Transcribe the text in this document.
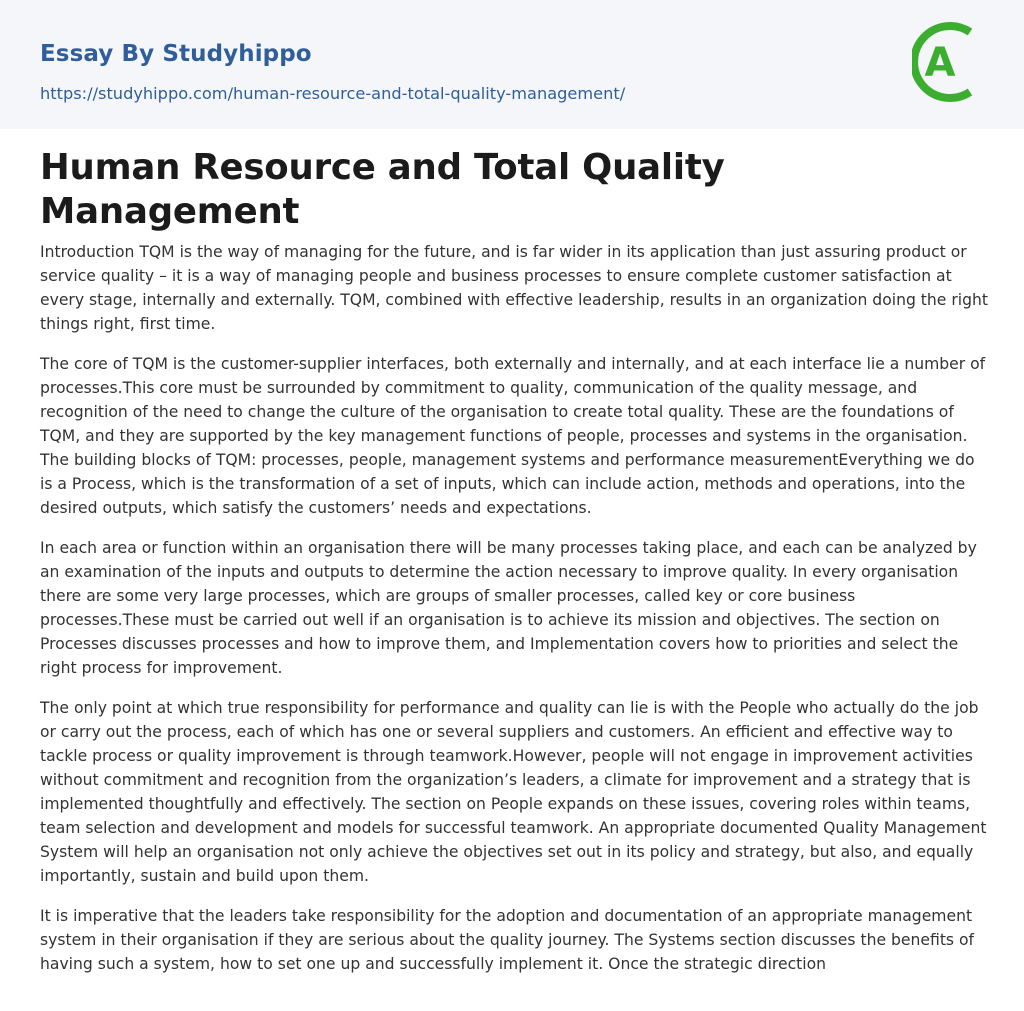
Essay By Studyhippo
https://studyhippo.com/human-resource-and-total-quality-management/
A
Human Resource and Total Quality Management

Introduction TQM is the way of managing for the future, and is far wider in its application than just assuring product or service quality – it is a way of managing people and business processes to ensure complete customer satisfaction at every stage, internally and externally. TQM, combined with effective leadership, results in an organization doing the right things right, first time.

The core of TQM is the customer-supplier interfaces, both externally and internally, and at each interface lie a number of processes.This core must be surrounded by commitment to quality, communication of the quality message, and recognition of the need to change the culture of the organisation to create total quality. These are the foundations of TQM, and they are supported by the key management functions of people, processes and systems in the organisation. The building blocks of TQM: processes, people, management systems and performance measurementEverything we do is a Process, which is the transformation of a set of inputs, which can include action, methods and operations, into the desired outputs, which satisfy the customers’ needs and expectations.

In each area or function within an organisation there will be many processes taking place, and each can be analyzed by an examination of the inputs and outputs to determine the action necessary to improve quality. In every organisation there are some very large processes, which are groups of smaller processes, called key or core business processes.These must be carried out well if an organisation is to achieve its mission and objectives. The section on Processes discusses processes and how to improve them, and Implementation covers how to priorities and select the right process for improvement.

The only point at which true responsibility for performance and quality can lie is with the People who actually do the job or carry out the process, each of which has one or several suppliers and customers. An efficient and effective way to tackle process or quality improvement is through teamwork.However, people will not engage in improvement activities without commitment and recognition from the organization’s leaders, a climate for improvement and a strategy that is implemented thoughtfully and effectively. The section on People expands on these issues, covering roles within teams, team selection and development and models for successful teamwork. An appropriate documented Quality Management System will help an organisation not only achieve the objectives set out in its policy and strategy, but also, and equally importantly, sustain and build upon them.

It is imperative that the leaders take responsibility for the adoption and documentation of an appropriate management system in their organisation if they are serious about the quality journey. The Systems section discusses the benefits of having such a system, how to set one up and successfully implement it. Once the strategic direction
